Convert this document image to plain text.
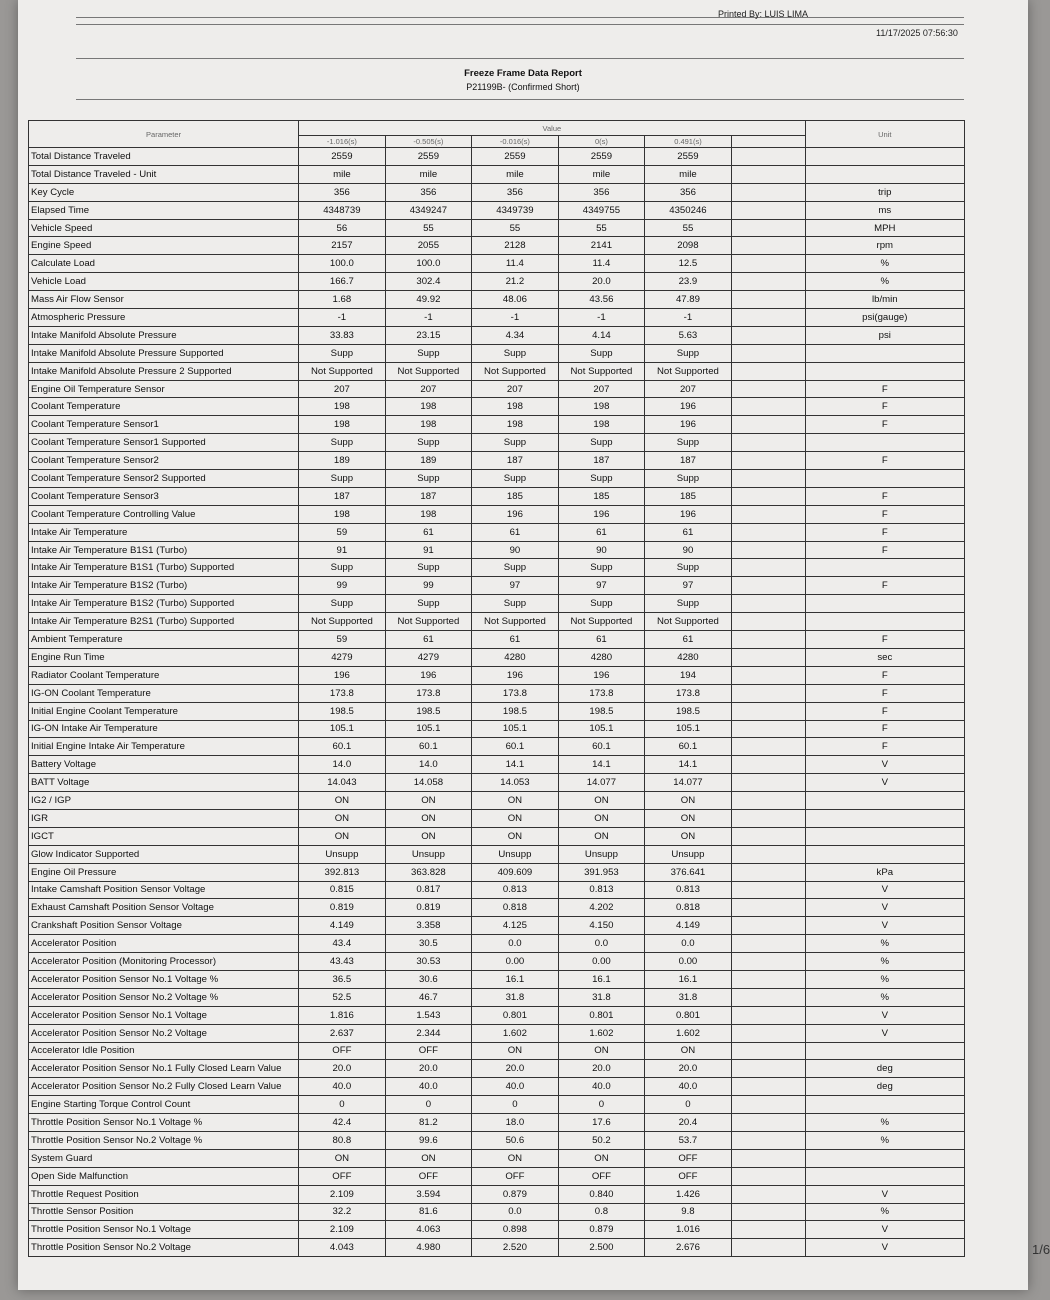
Printed By: LUIS LIMA
11/17/2025 07:56:30
Freeze Frame Data Report
P21199B- (Confirmed Short)
Parameter	Value						Unit
	-1.016(s)	-0.505(s)	-0.016(s)	0(s)	0.491(s)		
Total Distance Traveled	2559	2559	2559	2559	2559		
Total Distance Traveled - Unit	mile	mile	mile	mile	mile		
Key Cycle	356	356	356	356	356		trip
Elapsed Time	4348739	4349247	4349739	4349755	4350246		ms
Vehicle Speed	56	55	55	55	55		MPH
Engine Speed	2157	2055	2128	2141	2098		rpm
Calculate Load	100.0	100.0	11.4	11.4	12.5		%
Vehicle Load	166.7	302.4	21.2	20.0	23.9		%
Mass Air Flow Sensor	1.68	49.92	48.06	43.56	47.89		lb/min
Atmospheric Pressure	-1	-1	-1	-1	-1		psi(gauge)
Intake Manifold Absolute Pressure	33.83	23.15	4.34	4.14	5.63		psi
Intake Manifold Absolute Pressure Supported	Supp	Supp	Supp	Supp	Supp		
Intake Manifold Absolute Pressure 2 Supported	Not Supported	Not Supported	Not Supported	Not Supported	Not Supported		
Engine Oil Temperature Sensor	207	207	207	207	207		F
Coolant Temperature	198	198	198	198	196		F
Coolant Temperature Sensor1	198	198	198	198	196		F
Coolant Temperature Sensor1 Supported	Supp	Supp	Supp	Supp	Supp		
Coolant Temperature Sensor2	189	189	187	187	187		F
Coolant Temperature Sensor2 Supported	Supp	Supp	Supp	Supp	Supp		
Coolant Temperature Sensor3	187	187	185	185	185		F
Coolant Temperature Controlling Value	198	198	196	196	196		F
Intake Air Temperature	59	61	61	61	61		F
Intake Air Temperature B1S1 (Turbo)	91	91	90	90	90		F
Intake Air Temperature B1S1 (Turbo) Supported	Supp	Supp	Supp	Supp	Supp		
Intake Air Temperature B1S2 (Turbo)	99	99	97	97	97		F
Intake Air Temperature B1S2 (Turbo) Supported	Supp	Supp	Supp	Supp	Supp		
Intake Air Temperature B2S1 (Turbo) Supported	Not Supported	Not Supported	Not Supported	Not Supported	Not Supported		
Ambient Temperature	59	61	61	61	61		F
Engine Run Time	4279	4279	4280	4280	4280		sec
Radiator Coolant Temperature	196	196	196	196	194		F
IG-ON Coolant Temperature	173.8	173.8	173.8	173.8	173.8		F
Initial Engine Coolant Temperature	198.5	198.5	198.5	198.5	198.5		F
IG-ON Intake Air Temperature	105.1	105.1	105.1	105.1	105.1		F
Initial Engine Intake Air Temperature	60.1	60.1	60.1	60.1	60.1		F
Battery Voltage	14.0	14.0	14.1	14.1	14.1		V
BATT Voltage	14.043	14.058	14.053	14.077	14.077		V
IG2 / IGP	ON	ON	ON	ON	ON		
IGR	ON	ON	ON	ON	ON		
IGCT	ON	ON	ON	ON	ON		
Glow Indicator Supported	Unsupp	Unsupp	Unsupp	Unsupp	Unsupp		
Engine Oil Pressure	392.813	363.828	409.609	391.953	376.641		kPa
Intake Camshaft Position Sensor Voltage	0.815	0.817	0.813	0.813	0.813		V
Exhaust Camshaft Position Sensor Voltage	0.819	0.819	0.818	4.202	0.818		V
Crankshaft Position Sensor Voltage	4.149	3.358	4.125	4.150	4.149		V
Accelerator Position	43.4	30.5	0.0	0.0	0.0		%
Accelerator Position (Monitoring Processor)	43.43	30.53	0.00	0.00	0.00		%
Accelerator Position Sensor No.1 Voltage %	36.5	30.6	16.1	16.1	16.1		%
Accelerator Position Sensor No.2 Voltage %	52.5	46.7	31.8	31.8	31.8		%
Accelerator Position Sensor No.1 Voltage	1.816	1.543	0.801	0.801	0.801		V
Accelerator Position Sensor No.2 Voltage	2.637	2.344	1.602	1.602	1.602		V
Accelerator Idle Position	OFF	OFF	ON	ON	ON		
Accelerator Position Sensor No.1 Fully Closed Learn Value	20.0	20.0	20.0	20.0	20.0		deg
Accelerator Position Sensor No.2 Fully Closed Learn Value	40.0	40.0	40.0	40.0	40.0		deg
Engine Starting Torque Control Count	0	0	0	0	0		
Throttle Position Sensor No.1 Voltage %	42.4	81.2	18.0	17.6	20.4		%
Throttle Position Sensor No.2 Voltage %	80.8	99.6	50.6	50.2	53.7		%
System Guard	ON	ON	ON	ON	OFF		
Open Side Malfunction	OFF	OFF	OFF	OFF	OFF		
Throttle Request Position	2.109	3.594	0.879	0.840	1.426		V
Throttle Sensor Position	32.2	81.6	0.0	0.8	9.8		%
Throttle Position Sensor No.1 Voltage	2.109	4.063	0.898	0.879	1.016		V
Throttle Position Sensor No.2 Voltage	4.043	4.980	2.520	2.500	2.676		V	1/6
